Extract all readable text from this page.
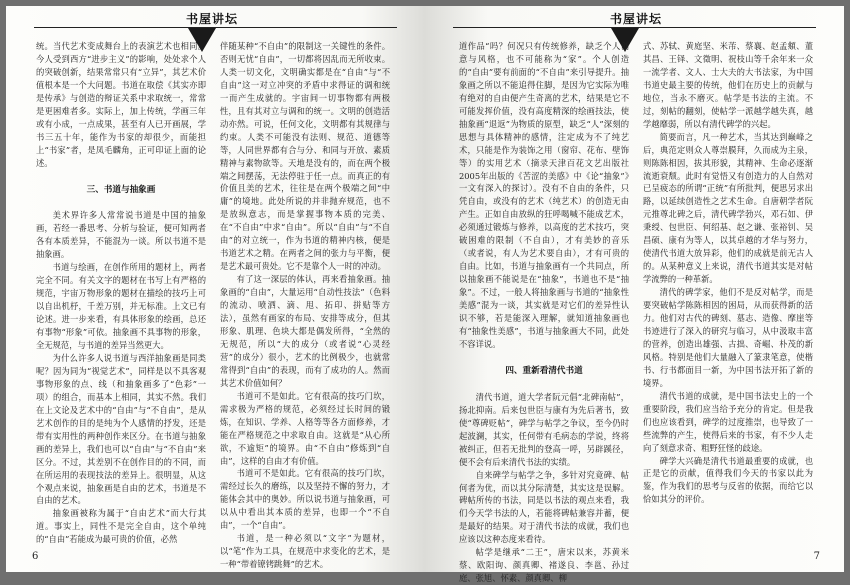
书屋讲坛

统。当代艺术变成舞台上的表演艺术也相同。今人受到西方“进步主义”的影响，处处求个人的突破创新，结果常常只有“立异”，其艺术价值根本是一个大问题。书道在取偿《其实亦即是传承》与创造的辩证关系中求取统一，常常是更困难者多。实际上，加上传统，学画三年或有小成，一点成果，甚至有人已开画展，学书三五十年，能作为书家的却很少，而能担上“书家”者，是凤毛麟角，正可印证上面的论述。

三、书道与抽象画

美术界许多人常常说书道是中国的抽象画，若经一番思考、分析与验证，便可知两者各有本质差异，不能混为一谈。所以书道不是抽象画。

书道与绘画，在创作所用的题材上，两者完全不同。有关文字的题材在书写上有严格的规范，宇宙万物形象的题材在描绘的技巧上可以自出机杼，千差万别，并无标准。上文已有论述。进一步来看，有具体形象的绘画，总还有事物“形象”可依。抽象画不具事物的形象，全无规范，与书道的差异当然更大。

为什么许多人说书道与西洋抽象画是同类呢？因为同为“视觉艺术”，同样是以不具客观事物形象的点、线（和抽象画多了“色彩”一项）的组合，而基本上相同，其实不然。我们在上文论及艺术中的“自由”与“不自由”，是从艺术创作的目的是纯为个人感情的抒发，还是带有实用性的两种创作来区分。在书道与抽象画的差异上，我们也可以“自由”与“不自由”来区分。不过，其差别不在创作目的的不同，而在所运用的表现技法的差异上。很明显，从这个观点来说，抽象画是自由的艺术，书道是不自由的艺术。

抽象画被称为属于“自由艺术”而大行其道。事实上，同性不是完全自由，这个单纯的“自由”若能成为最可贵的价值，必然

伴随某种“不自由”的限制这一关键性的条件。否则无忧“自由”，一切都将因乱而无所收束。人类一切文化，文明确实都是在“自由”与“不自由”这一对立冲突的矛盾中求得证的调和统一而产生成就的。宇宙间一切事物都有两极性，且有其对立与调和的统一。文明的创造活动亦然。可说，任何文化，文明都有其规律与约束。人类不可能没有法则、规范、道德等等，人同世界都有合与分、和同与开放、素质精神与素物欲等。天地是没有的，而在两个极端之间摆荡，无法停驻于任一点。而真正的有价值且美的艺术，往往是在两个极端之间“中庸”的境地。此处所说的并非抛弃规范，也不是放纵意志，而是掌握事物本质的完美、在“不自由”中求“自由”。所以“自由”与“不自由”的对立统一，作为书道的精神内核，便是书道艺术之精。在两者之间的张力与平衡，便是艺术最可贵处。它不是靠个人一时的冲动。

有了这一深层的体认，再来看抽象画。抽象画的“自由”，大量运用“自动性技法”（色料的流动、喷洒、滴、甩、拓印、拼贴等方法），虽然有画家的布局、安排等成分，但其形象、肌理、色块大都是偶发所得，“全然的无规范，所以“大的成分（或者说“心灵经营”的成分）很小，艺术的比例极少，也就常常得到“自由”的表现，而有了成功的人。然而其艺术价值如何？

书道可不是如此。它有很高的技巧门坎，需求极为严格的规范，必须经过长时间的锻炼，在知识、学养、人格等等各方面修养，才能在严格规范之中求取自由。这就是“从心所欲，不逾矩”的境界。由“不自由”修炼到“自由”，这样的自由才有价值。

书道可不是如此。它有很高的技巧门坎，需经过长久的磨练，以及坚持不懈的努力，才能体会其中的奥妙。所以说书道与抽象画，可以从中看出其本质的差异，也即一个“不自由”，一个“自由”。

书道，是一种必须以“文字”为题材，以“笔”作为工具，在规范中求变化的艺术，是一种“带着镣铐跳舞”的艺术。

6
书屋讲坛

道作品“吗？何况只有传统修养，缺乏个人创意与风格，也不可能称为“家”。个人创造的“自由”要有前面的“不自由”来引导提升。抽象画之所以不能追得住脚，是因为它实际为唯有绝对的自由便产生奇离的艺术，结果是它不可能发挥价值，没有高度精深的绘画技法，使抽象画“退返”为物质的原型，缺乏“人”深刻的思想与具体精神的感情，注定成为不了纯艺术，只能是作为装饰之用（窗帘、花布、壁饰等）的实用艺术（摘录天津百花文艺出版社2005年出版的《苦涩的美感》中《论“抽象”》一文有深入的探讨）。没有不自由的条件，只凭自由，或没有的艺术（纯艺术）的创造无由产生。正如自由放纵的狂呼喝喊不能成艺术，必须通过锻炼与修养，以高度的艺术技巧，突破困难的限制（不自由），才有美妙的音乐（或者说，有人为艺术要自由），才有可贵的自由。比如，书道与抽象画有一个共同点，所以抽象画不能说是在“抽象”，书道也不是“抽象”。不过，一般人将抽象画与书道的“抽象性美感”混为一谈，其实就是对它们的差异性认识不够，若是能深入理解，就知道抽象画也有“抽象性美感”，书道与抽象画大不同，此处不容详说。

四、重新看清代书道

清代书道，道大学者阮元倡“北碑南帖”，扬北抑南。后来包世臣与康有为先后著书，致使“尊碑贬帖”，碑学与帖学之争议，至今仍时起波澜，其实，任何带有毛病态的学说，终将被纠正，但若无批判的登高一呼，另辟蹊径，便不会有后来清代书法的实绩。

自来碑学与帖学之争，多针对究竟碑、帖何者为优，而以其分际清楚，其实这是误解。碑帖所传的书法，同是以书法的观点来看，我们今天学书法的人，若能将碑帖兼容并蓄，便是最好的结果。对于清代书法的成就，我们也应该以这种态度来看待。

帖学是继承“二王”，唐宋以来，苏黄米蔡、欧阳询、颜真卿、褚遂良、李邕、孙过庭、张旭、怀素、颜真卿、柳

式、苏轼、黄庭坚、米芾、蔡襄、赵孟頫、董其昌、王铎、文徵明、祝枝山等千余年来一众一流学者、文人、士大夫的大书法家，为中国书道史最主要的传统，他们在历史上的贡献与地位，当永不磨灭。帖学是书法的主流。不过，刻帖的翻刻，使帖学一派越学越失真，越学越靡弱，所以有清代碑学的兴起。

简要而言，凡一种艺术，当其达到巅峰之后，典范定则众人尊崇膜拜，久而成为主泉，则陈陈相因，拔其形貌，其精神、生命必逐渐流逝衰颓。此时有觉悟又有创造力的人自然对已呈疲态的所谓“正统”有所批判，便思另求出路，以延续创造性之艺术生命。自唐朝学者阮元推尊北碑之后，清代碑学勃兴，邓石如、伊秉绶、包世臣、何绍基、赵之谦、张裕钊、吴昌硕、康有为等人，以其卓越的才华与努力，使清代书道大放异彩，他们的成就是前无古人的。从某种意义上来说，清代书道其实是对帖学流弊的一种革新。

清代的碑学家，他们不是反对帖学，而是要突破帖学陈陈相因的困局，从而获得新的活力。他们对古代的碑刻、墓志、造像、摩崖等书迹进行了深入的研究与临习，从中汲取丰富的营养，创造出雄强、古拙、奇崛、朴茂的新风格。特别是他们大量融入了篆隶笔意，使楷书、行书都面目一新，为中国书法开拓了新的境界。

清代书道的成就，是中国书法史上的一个重要阶段，我们应当给予充分的肯定。但是我们也应该看到，碑学的过度推崇，也导致了一些流弊的产生，使得后来的书家，有不少人走向了刻意求奇、粗野狂怪的歧途。

碑学大兴确是清代书道最重要的成就，也正是它的贡献，值得我们今天的书家以此为鉴，作为我们的思考与反省的依据，而给它以恰如其分的评价。

7
